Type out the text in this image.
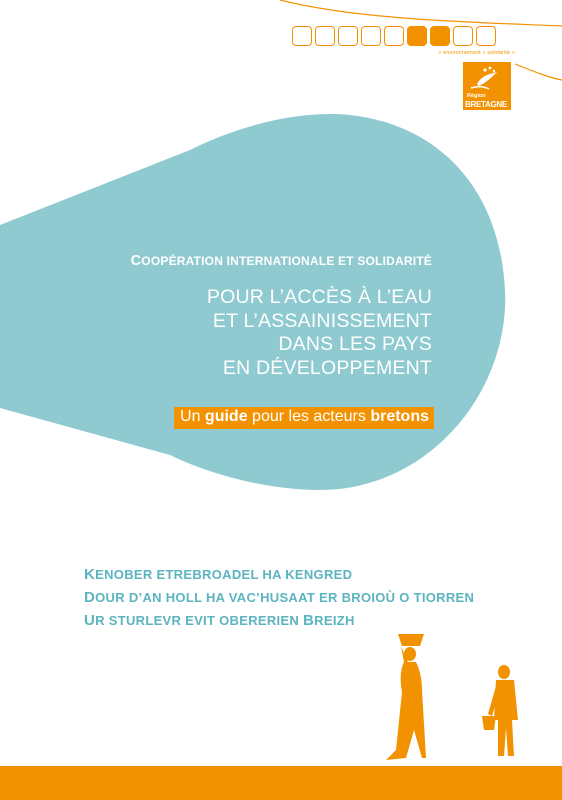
« environnement » solidarité »
Région
BRETAGNE
COOPÉRATION INTERNATIONALE ET SOLIDARITÉ
POUR L’ACCÈS À L’EAU
ET L’ASSAINISSEMENT
DANS LES PAYS
EN DÉVELOPPEMENT
Un guide pour les acteurs bretons
KENOBER ETREBROADEL HA KENGRED
DOUR D’AN HOLL HA VAC’HUSAAT ER BROIOÙ O TIORREN
UR STURLEVR EVIT OBERERIEN BREIZH
